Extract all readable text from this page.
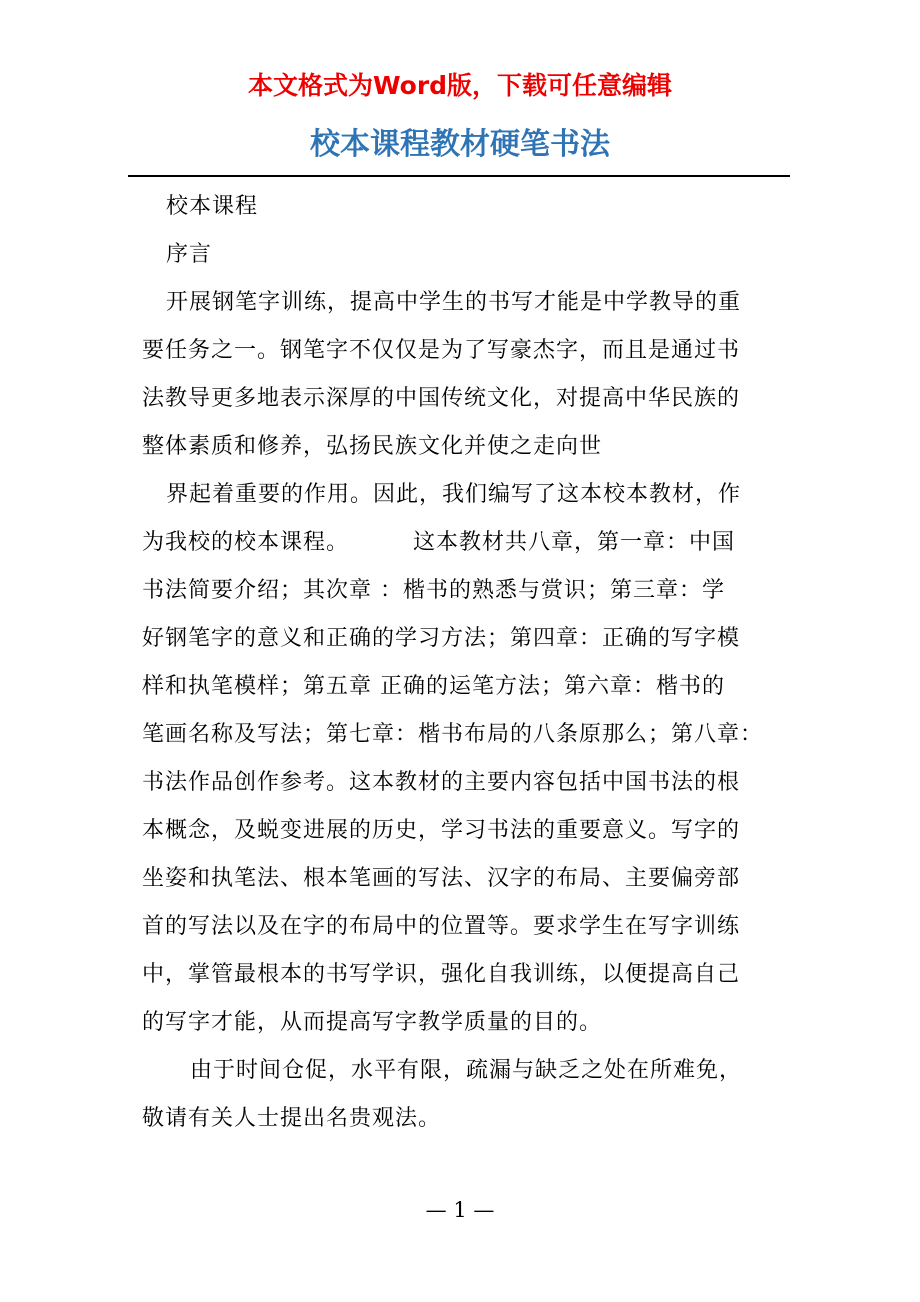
本文格式为Word版，下载可任意编辑
校本课程教材硬笔书法
校本课程
序言
开展钢笔字训练，提高中学生的书写才能是中学教导的重
要任务之一。钢笔字不仅仅是为了写豪杰字，而且是通过书
法教导更多地表示深厚的中国传统文化，对提高中华民族的
整体素质和修养，弘扬民族文化并使之走向世
界起着重要的作用。因此，我们编写了这本校本教材，作
为我校的校本课程。        这本教材共八章，第一章：中国
书法简要介绍；其次章 ：楷书的熟悉与赏识；第三章：学
好钢笔字的意义和正确的学习方法；第四章：正确的写字模
样和执笔模样；第五章 正确的运笔方法；第六章：楷书的
笔画名称及写法；第七章：楷书布局的八条原那么；第八章：
书法作品创作参考。这本教材的主要内容包括中国书法的根
本概念，及蜕变进展的历史，学习书法的重要意义。写字的
坐姿和执笔法、根本笔画的写法、汉字的布局、主要偏旁部
首的写法以及在字的布局中的位置等。要求学生在写字训练
中，掌管最根本的书写学识，强化自我训练，以便提高自己
的写字才能，从而提高写字教学质量的目的。
由于时间仓促，水平有限，疏漏与缺乏之处在所难免，
敬请有关人士提出名贵观法。
— 1 —
